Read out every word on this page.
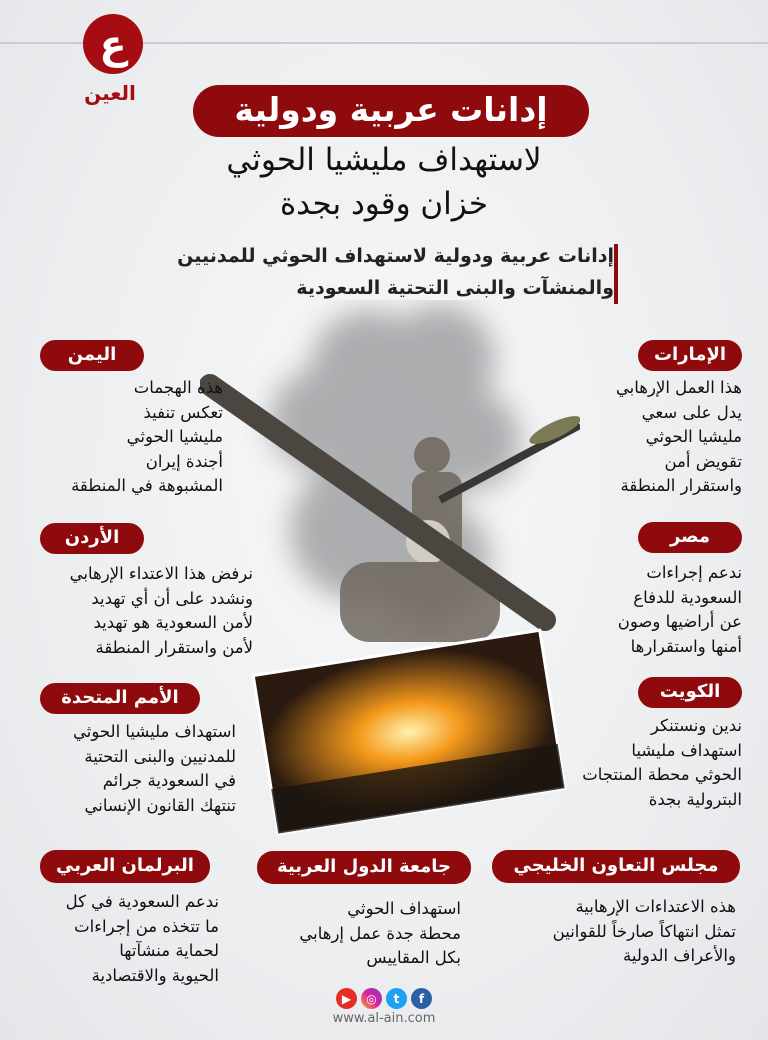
ع
العين	إدانات عربية ودولية
لاستهداف مليشيا الحوثي
خزان وقود بجدة
إدانات عربية ودولية لاستهداف الحوثي للمدنيين
والمنشآت والبنى التحتية السعودية
الإمارات
هذا العمل الإرهابي
يدل على سعي
مليشيا الحوثي
تقويض أمن
واستقرار المنطقة
مصر
ندعم إجراءات
السعودية للدفاع
عن أراضيها وصون
أمنها واستقرارها
الكويت
ندين ونستنكر
استهداف مليشيا
الحوثي محطة المنتجات
البترولية بجدة
اليمن
هذه الهجمات
تعكس تنفيذ
مليشيا الحوثي
أجندة إيران
المشبوهة في المنطقة
الأردن
نرفض هذا الاعتداء الإرهابي
ونشدد على أن أي تهديد
لأمن السعودية هو تهديد
لأمن واستقرار المنطقة
الأمم المتحدة
استهداف مليشيا الحوثي
للمدنيين والبنى التحتية
في السعودية جرائم
تنتهك القانون الإنساني
مجلس التعاون الخليجي
هذه الاعتداءات الإرهابية
تمثل انتهاكاً صارخاً للقوانين
والأعراف الدولية
جامعة الدول العربية
استهداف الحوثي
محطة جدة عمل إرهابي
بكل المقاييس
البرلمان العربي
ندعم السعودية في كل
ما تتخذه من إجراءات
لحماية منشآتها
الحيوية والاقتصادية
▶	◎	t	f
www.al-ain.com
